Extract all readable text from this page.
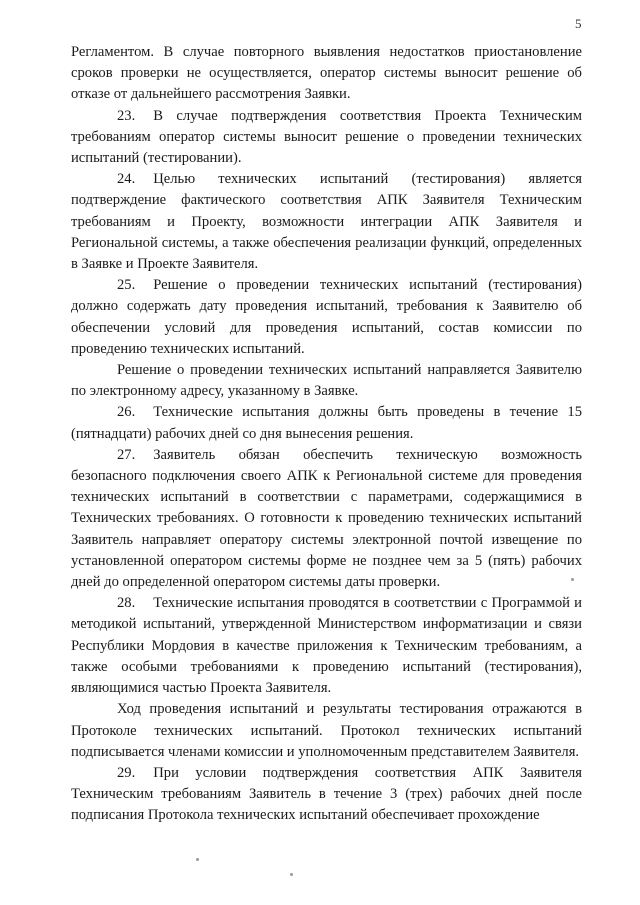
5

Регламентом. В случае повторного выявления недостатков приостановление сроков проверки не осуществляется, оператор системы выносит решение об отказе от дальнейшего рассмотрения Заявки.

23. В случае подтверждения соответствия Проекта Техническим требованиям оператор системы выносит решение о проведении технических испытаний (тестировании).

24. Целью технических испытаний (тестирования) является подтверждение фактического соответствия АПК Заявителя Техническим требованиям и Проекту, возможности интеграции АПК Заявителя и Региональной системы, а также обеспечения реализации функций, определенных в Заявке и Проекте Заявителя.

25. Решение о проведении технических испытаний (тестирования) должно содержать дату проведения испытаний, требования к Заявителю об обеспечении условий для проведения испытаний, состав комиссии по проведению технических испытаний.

Решение о проведении технических испытаний направляется Заявителю по электронному адресу, указанному в Заявке.

26. Технические испытания должны быть проведены в течение 15 (пятнадцати) рабочих дней со дня вынесения решения.

27. Заявитель обязан обеспечить техническую возможность безопасного подключения своего АПК к Региональной системе для проведения технических испытаний в соответствии с параметрами, содержащимися в Технических требованиях. О готовности к проведению технических испытаний Заявитель направляет оператору системы электронной почтой извещение по установленной оператором системы форме не позднее чем за 5 (пять) рабочих дней до определенной оператором системы даты проверки.

28. Технические испытания проводятся в соответствии с Программой и методикой испытаний, утвержденной Министерством информатизации и связи Республики Мордовия в качестве приложения к Техническим требованиям, а также особыми требованиями к проведению испытаний (тестирования), являющимися частью Проекта Заявителя.

Ход проведения испытаний и результаты тестирования отражаются в Протоколе технических испытаний. Протокол технических испытаний подписывается членами комиссии и уполномоченным представителем Заявителя.

29. При условии подтверждения соответствия АПК Заявителя Техническим требованиям Заявитель в течение 3 (трех) рабочих дней после подписания Протокола технических испытаний обеспечивает прохождение
